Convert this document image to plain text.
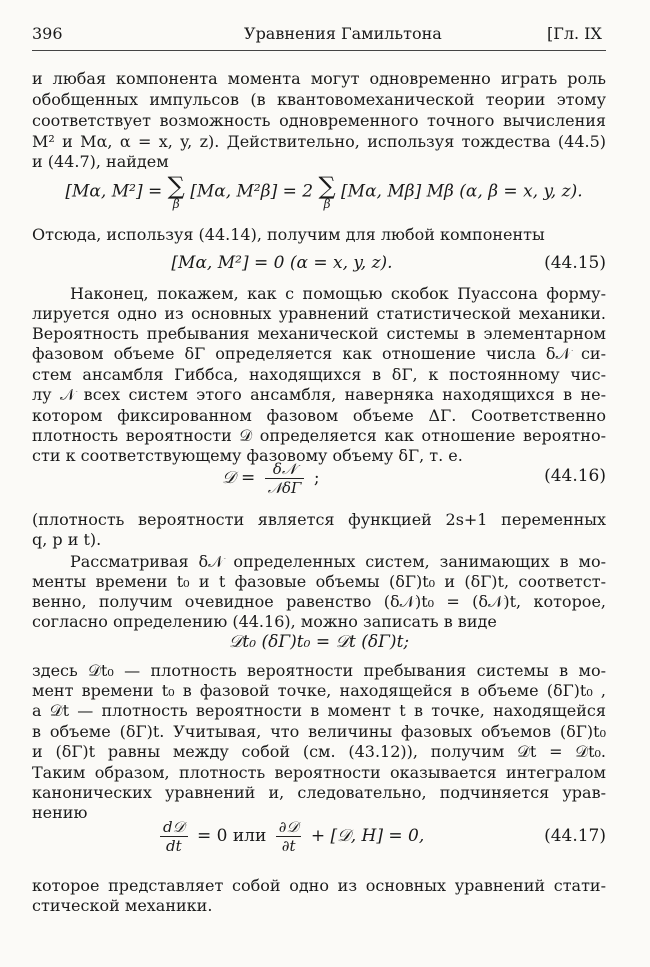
396	Уравнения Гамильтона	[Гл. IX
и любая компонента момента могут одновременно играть роль
обобщенных импульсов (в квантовомеханической теории этому
соответствует возможность одновременного точного вычисления
M² и Mα, α = x, y, z). Действительно, используя тождества (44.5)
и (44.7), найдем
[Mα, M²] = ∑
β
[Mα, M²β] = 2 ∑
β
[Mα, Mβ] Mβ (α, β = x, y, z).
Отсюда, используя (44.14), получим для любой компоненты
[Mα, M²] = 0 (α = x, y, z).	(44.15)
Наконец, покажем, как с помощью скобок Пуассона форму-
лируется одно из основных уравнений статистической механики.
Вероятность пребывания механической системы в элементарном
фазовом объеме δΓ определяется как отношение числа δ𝒩 си-
стем ансамбля Гиббса, находящихся в δΓ, к постоянному чис-
лу 𝒩 всех систем этого ансамбля, наверняка находящихся в не-
котором фиксированном фазовом объеме ΔΓ. Соответственно
плотность вероятности 𝒟 определяется как отношение вероятно-
сти к соответствующему фазовому объему δΓ, т. е.
𝒟 = $\frac{\text{δ𝒩}}{\text{𝒩δΓ}}$ ;	(44.16)
(плотность вероятности является функцией 2s+1 переменных
q, p и t).
Рассматривая δ𝒩 определенных систем, занимающих в мо-
менты времени t₀ и t фазовые объемы (δΓ)t₀ и (δΓ)t, соответст-
венно, получим очевидное равенство (δ𝒩)t₀ = (δ𝒩)t, которое,
согласно определению (44.16), можно записать в виде
𝒟t₀ (δΓ)t₀ = 𝒟t (δΓ)t;
здесь 𝒟t₀ — плотность вероятности пребывания системы в мо-
мент времени t₀ в фазовой точке, находящейся в объеме (δΓ)t₀ ,
а 𝒟t — плотность вероятности в момент t в точке, находящейся
в объеме (δΓ)t. Учитывая, что величины фазовых объемов (δΓ)t₀
и (δΓ)t равны между собой (см. (43.12)), получим 𝒟t = 𝒟t₀.
Таким образом, плотность вероятности оказывается интегралом
канонических уравнений и, следовательно, подчиняется урав-
нению
$\frac{\text{d𝒟}}{dt} = 0$ или $\frac{\text{∂𝒟}}{\partial t}$ + [𝒟, H] = 0,	(44.17)
которое представляет собой одно из основных уравнений стати-
стической механики.
